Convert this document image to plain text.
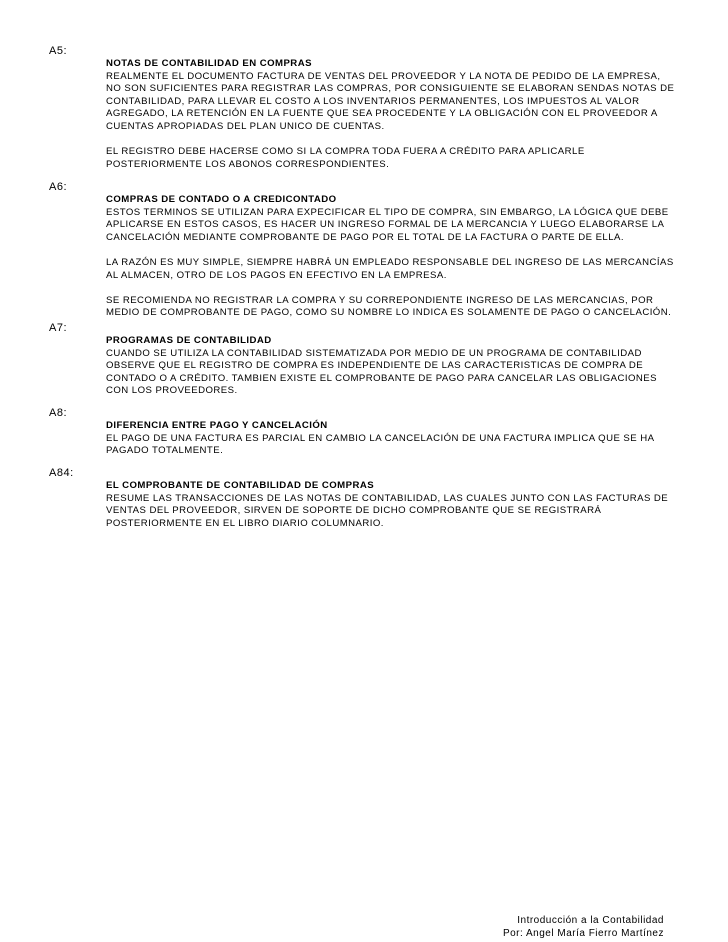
A5:
NOTAS DE CONTABILIDAD EN COMPRAS
REALMENTE EL DOCUMENTO FACTURA DE VENTAS DEL PROVEEDOR Y LA NOTA DE PEDIDO DE LA EMPRESA,
NO SON SUFICIENTES PARA REGISTRAR LAS COMPRAS, POR CONSIGUIENTE SE ELABORAN SENDAS NOTAS DE
CONTABILIDAD, PARA LLEVAR EL COSTO A LOS INVENTARIOS PERMANENTES, LOS IMPUESTOS AL VALOR
AGREGADO, LA RETENCIÓN EN LA FUENTE QUE SEA PROCEDENTE Y LA OBLIGACIÓN CON EL PROVEEDOR A
CUENTAS APROPIADAS DEL PLAN UNICO DE CUENTAS.
EL REGISTRO DEBE HACERSE COMO SI LA COMPRA TODA FUERA A CRÉDITO PARA APLICARLE
POSTERIORMENTE LOS ABONOS CORRESPONDIENTES.
A6:
COMPRAS DE CONTADO O A CREDICONTADO
ESTOS TERMINOS SE UTILIZAN PARA EXPECIFICAR EL TIPO DE COMPRA, SIN EMBARGO, LA LÓGICA QUE DEBE
APLICARSE EN ESTOS CASOS, ES HACER UN INGRESO FORMAL DE LA MERCANCIA Y LUEGO ELABORARSE LA
CANCELACIÓN MEDIANTE COMPROBANTE DE PAGO POR EL TOTAL DE LA FACTURA O PARTE DE ELLA.
LA RAZÓN ES MUY SIMPLE, SIEMPRE HABRÁ UN EMPLEADO RESPONSABLE DEL INGRESO DE LAS MERCANCÍAS
AL ALMACEN, OTRO DE LOS PAGOS EN EFECTIVO EN LA EMPRESA.
SE RECOMIENDA NO REGISTRAR LA COMPRA Y SU CORREPONDIENTE INGRESO DE LAS MERCANCIAS, POR
MEDIO DE COMPROBANTE DE PAGO, COMO SU NOMBRE LO INDICA ES SOLAMENTE DE PAGO O CANCELACIÓN.
A7:
PROGRAMAS DE CONTABILIDAD
CUANDO SE UTILIZA LA CONTABILIDAD SISTEMATIZADA POR MEDIO DE UN PROGRAMA DE CONTABILIDAD
OBSERVE QUE EL REGISTRO DE COMPRA ES INDEPENDIENTE DE LAS CARACTERISTICAS DE COMPRA DE
CONTADO O A CRÉDITO. TAMBIEN EXISTE EL COMPROBANTE DE PAGO PARA CANCELAR LAS OBLIGACIONES
CON LOS PROVEEDORES.
A8:
DIFERENCIA ENTRE PAGO Y CANCELACIÓN
EL PAGO DE UNA FACTURA ES PARCIAL EN CAMBIO LA CANCELACIÓN DE UNA FACTURA IMPLICA QUE SE HA
PAGADO TOTALMENTE.
A84:
EL COMPROBANTE DE CONTABILIDAD DE COMPRAS
RESUME LAS TRANSACCIONES DE LAS NOTAS DE CONTABILIDAD, LAS CUALES JUNTO CON LAS FACTURAS DE
VENTAS DEL PROVEEDOR, SIRVEN DE SOPORTE DE DICHO COMPROBANTE QUE SE REGISTRARÁ
POSTERIORMENTE EN EL LIBRO DIARIO COLUMNARIO.
Introducción a la Contabilidad
Por: Angel María Fierro Martínez
